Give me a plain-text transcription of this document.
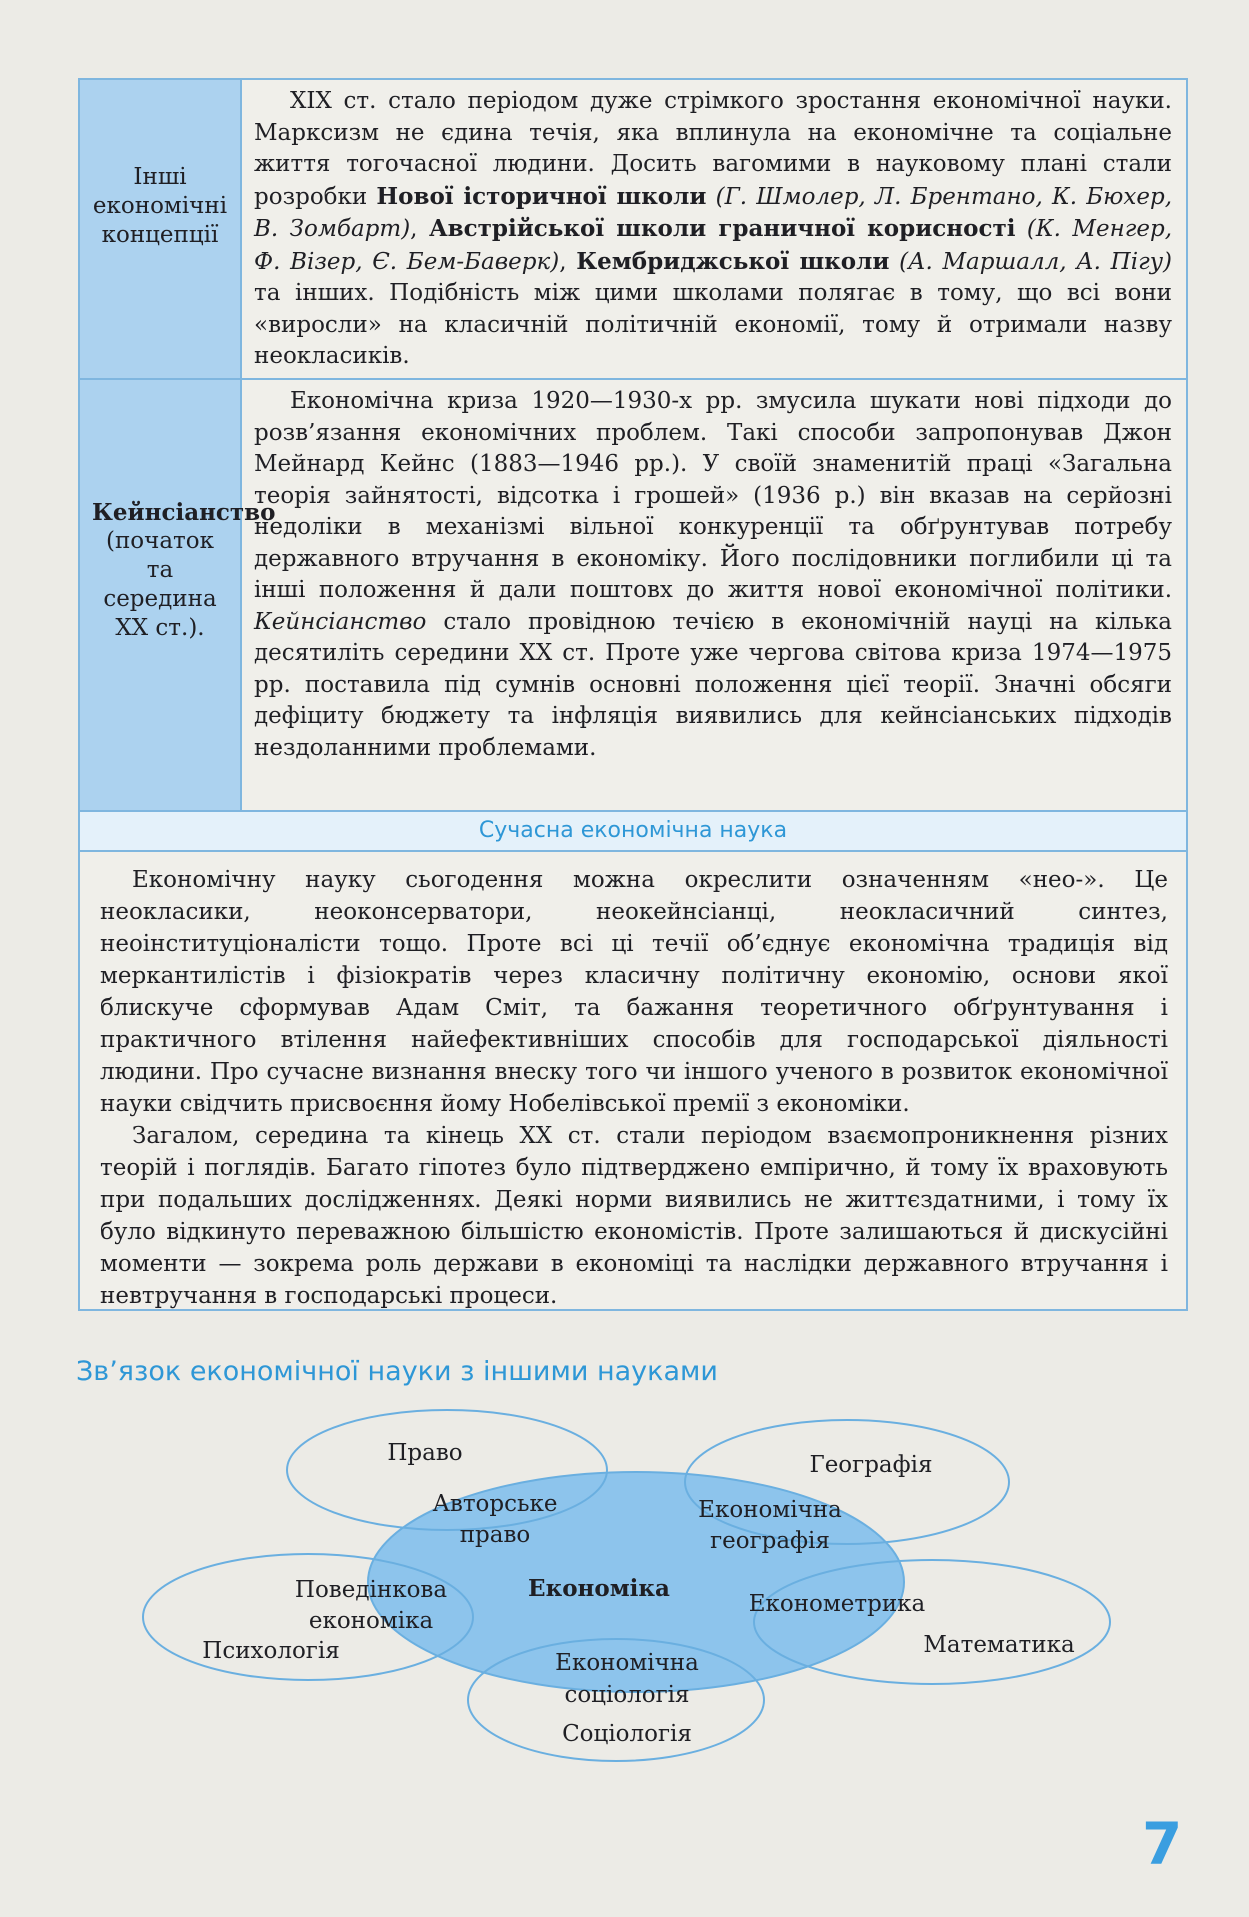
Інші економічні концепції

XIX ст. стало періодом дуже стрімкого зростання економічної науки. Марксизм не єдина течія, яка вплинула на економічне та соціальне життя тогочасної людини. Досить вагомими в науковому плані стали розробки Нової історичної школи (Г. Шмолер, Л. Брентано, К. Бюхер, В. Зомбарт), Австрійської школи граничної корисності (К. Менгер, Ф. Візер, Є. Бем-Баверк), Кембриджської школи (А. Маршалл, А. Пігу) та інших. Подібність між цими школами полягає в тому, що всі вони «виросли» на класичній політичній економії, тому й отримали назву неокласиків.

Кейнсіанство
(початок та середина XX ст.).

Економічна криза 1920—1930-х рр. змусила шукати нові підходи до розв’язання економічних проблем. Такі способи запропонував Джон Мейнард Кейнс (1883—1946 рр.). У своїй знаменитій праці «Загальна теорія зайнятості, відсотка і грошей» (1936 р.) він вказав на серйозні недоліки в механізмі вільної конкуренції та обґрунтував потребу державного втручання в економіку. Його послідовники поглибили ці та інші положення й дали поштовх до життя нової економічної політики. Кейнсіанство стало провідною течією в економічній науці на кілька десятиліть середини XX ст. Проте уже чергова світова криза 1974—1975 рр. поставила під сумнів основні положення цієї теорії. Значні обсяги дефіциту бюджету та інфляція виявились для кейнсіанських підходів нездоланними проблемами.

Сучасна економічна наука

Економічну науку сьогодення можна окреслити означенням «нео-». Це неокласики, неоконсерватори, неокейнсіанці, неокласичний синтез, неоінституціоналісти тощо. Проте всі ці течії об’єднує економічна традиція від меркантилістів і фізіократів через класичну політичну економію, основи якої блискуче сформував Адам Сміт, та бажання теоретичного обґрунтування і практичного втілення найефективніших способів для господарської діяльності людини. Про сучасне визнання внеску того чи іншого ученого в розвиток економічної науки свідчить присвоєння йому Нобелівської премії з економіки.

Загалом, середина та кінець XX ст. стали періодом взаємопроникнення різних теорій і поглядів. Багато гіпотез було підтверджено емпірично, й тому їх враховують при подальших дослідженнях. Деякі норми виявились не життєздатними, і тому їх було відкинуто переважною більшістю економістів. Проте залишаються й дискусійні моменти — зокрема роль держави в економіці та наслідки державного втручання і невтручання в господарські процеси.

Зв’язок економічної науки з іншими науками
Право
Авторське
право
Географія
Економічна
географія
Економіка
Поведінкова
економіка
Психологія
Економетрика
Математика
Економічна
соціологія
Соціологія
7
